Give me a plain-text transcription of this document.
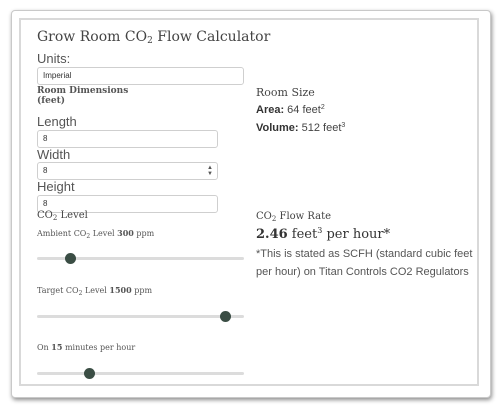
Grow Room $CO_2$ Flow Calculator
Units:
Imperial
Room Dimensions
(feet)
Length
8
Width
8	▲
▼
Height
8
$CO_2$ Level
Ambient $CO_2$ Level 300 ppm
Target $CO_2$ Level 1500 ppm
On 15 minutes per hour
Room Size
Area: 64 feet$^2$
Volume: 512 feet$^3$
$CO_2$ Flow Rate
2.46 feet$^3$ per hour*
*This is stated as SCFH (standard cubic feet per hour) on Titan Controls CO2 Regulators
